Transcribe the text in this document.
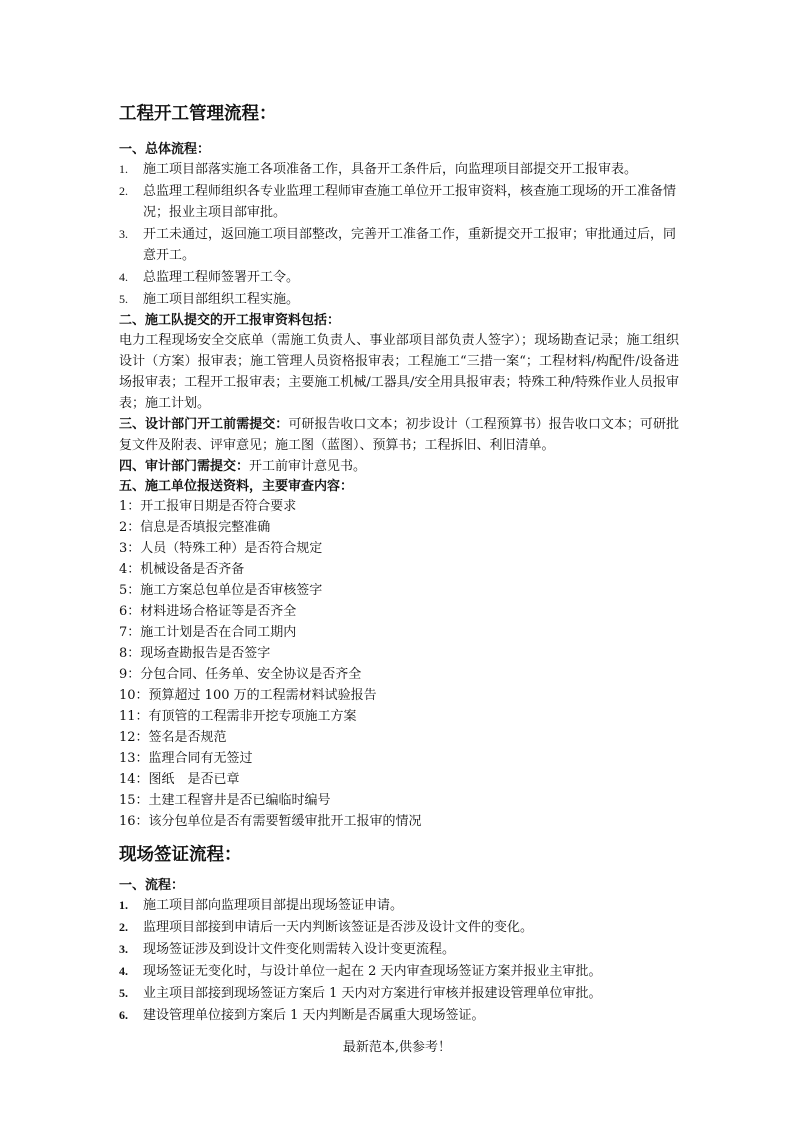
工程开工管理流程：
一、总体流程：
1. 施工项目部落实施工各项准备工作，具备开工条件后，向监理项目部提交开工报审表。
2. 总监理工程师组织各专业监理工程师审查施工单位开工报审资料，核查施工现场的开工准备情况；报业主项目部审批。
3. 开工未通过，返回施工项目部整改，完善开工准备工作，重新提交开工报审；审批通过后，同意开工。
4. 总监理工程师签署开工令。
5. 施工项目部组织工程实施。
二、施工队提交的开工报审资料包括：
电力工程现场安全交底单（需施工负责人、事业部项目部负责人签字）；现场勘查记录；施工组织设计（方案）报审表；施工管理人员资格报审表；工程施工“三措一案“；工程材料/构配件/设备进场报审表；工程开工报审表；主要施工机械/工器具/安全用具报审表；特殊工种/特殊作业人员报审表；施工计划。
三、设计部门开工前需提交：可研报告收口文本；初步设计（工程预算书）报告收口文本；可研批复文件及附表、评审意见；施工图（蓝图）、预算书；工程拆旧、利旧清单。
四、审计部门需提交：开工前审计意见书。
五、施工单位报送资料，主要审查内容：
1：开工报审日期是否符合要求
2：信息是否填报完整准确
3：人员（特殊工种）是否符合规定
4：机械设备是否齐备
5：施工方案总包单位是否审核签字
6：材料进场合格证等是否齐全
7：施工计划是否在合同工期内
8：现场查勘报告是否签字
9：分包合同、任务单、安全协议是否齐全
10：预算超过 100 万的工程需材料试验报告
11：有顶管的工程需非开挖专项施工方案
12：签名是否规范
13：监理合同有无签过
14：图纸　是否已章
15：土建工程窨井是否已编临时编号
16：该分包单位是否有需要暂缓审批开工报审的情况
现场签证流程：
一、流程：
1. 施工项目部向监理项目部提出现场签证申请。
2. 监理项目部接到申请后一天内判断该签证是否涉及设计文件的变化。
3. 现场签证涉及到设计文件变化则需转入设计变更流程。
4. 现场签证无变化时，与设计单位一起在 2 天内审查现场签证方案并报业主审批。
5. 业主项目部接到现场签证方案后 1 天内对方案进行审核并报建设管理单位审批。
6. 建设管理单位接到方案后 1 天内判断是否属重大现场签证。
最新范本,供参考！
